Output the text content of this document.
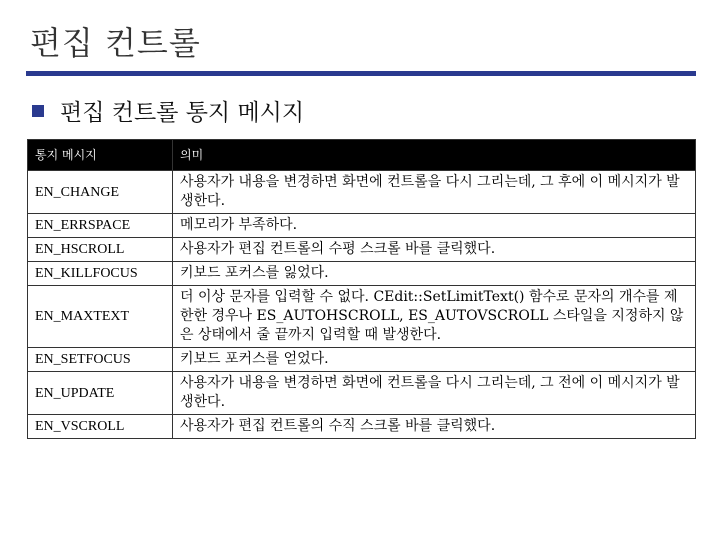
편집 컨트롤
편집 컨트롤 통지 메시지
통지 메시지	의미
EN_CHANGE	사용자가 내용을 변경하면 화면에 컨트롤을 다시 그리는데, 그 후에 이 메시지가 발생한다.
EN_ERRSPACE	메모리가 부족하다.
EN_HSCROLL	사용자가 편집 컨트롤의 수평 스크롤 바를 클릭했다.
EN_KILLFOCUS	키보드 포커스를 잃었다.
EN_MAXTEXT	더 이상 문자를 입력할 수 없다. CEdit::SetLimitText() 함수로 문자의 개수를 제한한 경우나 ES_AUTOHSCROLL, ES_AUTOVSCROLL 스타일을 지정하지 않은 상태에서 줄 끝까지 입력할 때 발생한다.
EN_SETFOCUS	키보드 포커스를 얻었다.
EN_UPDATE	사용자가 내용을 변경하면 화면에 컨트롤을 다시 그리는데, 그 전에 이 메시지가 발생한다.
EN_VSCROLL	사용자가 편집 컨트롤의 수직 스크롤 바를 클릭했다.
